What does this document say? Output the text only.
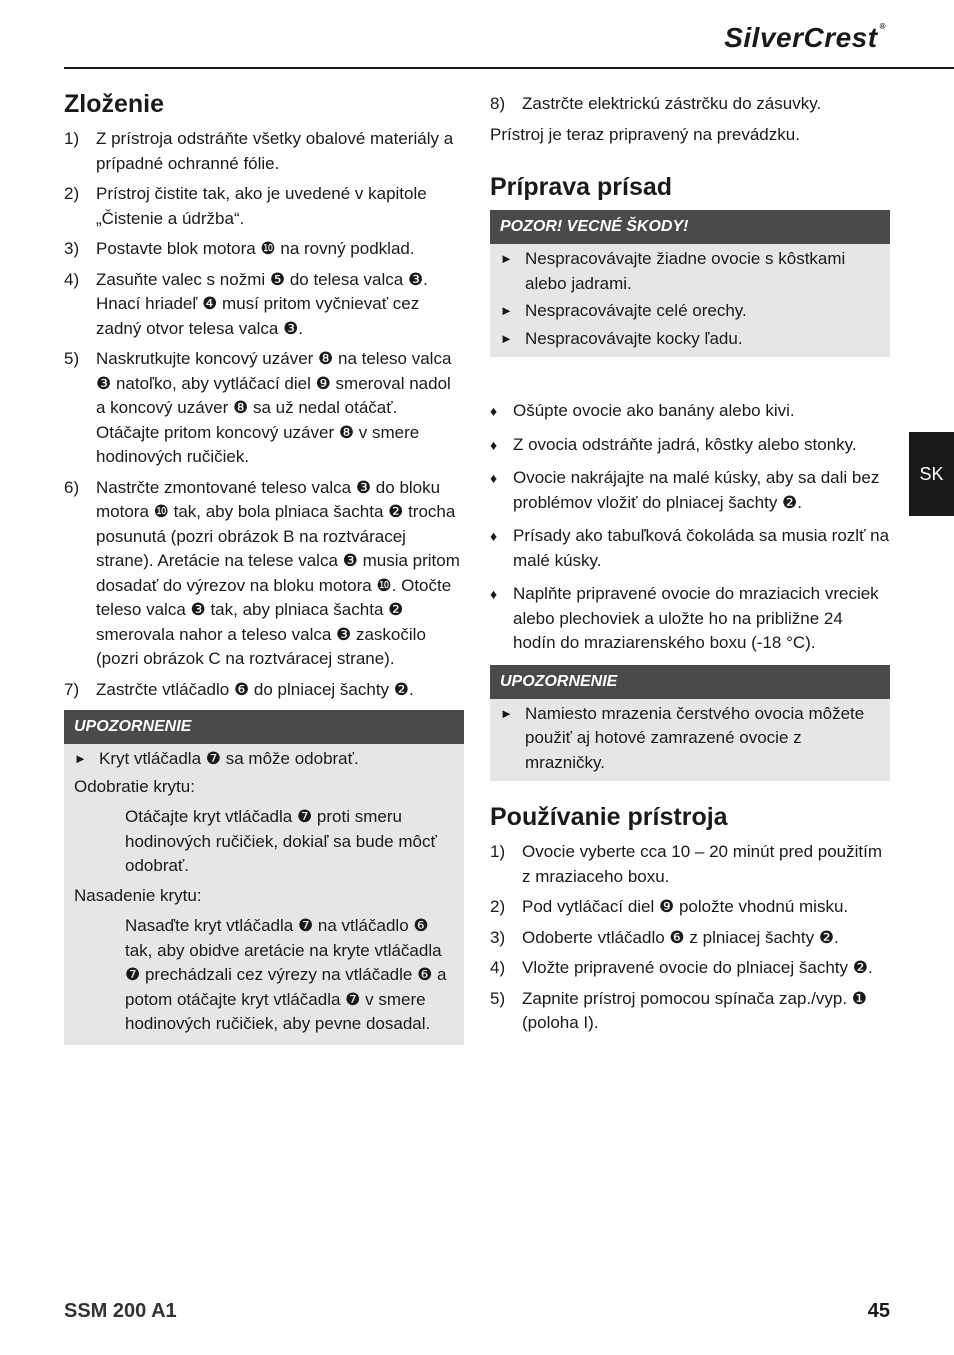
SilverCrest ®
Zloženie
1) Z prístroja odstráňte všetky obalové materiály a prípadné ochranné fólie.
2) Prístroj čistite tak, ako je uvedené v kapitole „Čistenie a údržba“.
3) Postavte blok motora ❿ na rovný podklad.
4) Zasuňte valec s nožmi ❺ do telesa valca ❸. Hnací hriadeľ ❹ musí pritom vyčnievať cez zadný otvor telesa valca ❸.
5) Naskrutkujte koncový uzáver ❽ na teleso valca ❸ natoľko, aby vytláčací diel ❾ smeroval nadol a koncový uzáver ❽ sa už nedal otáčať. Otáčajte pritom koncový uzáver ❽ v smere hodinových ručičiek.
6) Nastrčte zmontované teleso valca ❸ do bloku motora ❿ tak, aby bola plniaca šachta ❷ trocha posunutá (pozri obrázok B na roztváracej strane). Aretácie na telese valca ❸ musia pritom dosadať do výrezov na bloku motora ❿. Otočte teleso valca ❸ tak, aby plniaca šachta ❷ smerovala nahor a teleso valca ❸ zaskočilo (pozri obrázok C na roztváracej strane).
7) Zastrčte vtláčadlo ❻ do plniacej šachty ❷.
UPOZORNENIE
► Kryt vtláčadla ❼ sa môže odobrať.
Odobratie krytu:
Otáčajte kryt vtláčadla ❼ proti smeru hodinových ručičiek, dokiaľ sa bude môcť odobrať.
Nasadenie krytu:
Nasaďte kryt vtláčadla ❼ na vtláčadlo ❻ tak, aby obidve aretácie na kryte vtláčadla ❼ prechádzali cez výrezy na vtláčadle ❻ a potom otáčajte kryt vtláčadla ❼ v smere hodinových ručičiek, aby pevne dosadal.
8) Zastrčte elektrickú zástrčku do zásuvky.
Prístroj je teraz pripravený na prevádzku.
Príprava prísad
POZOR! VECNÉ ŠKODY!
► Nespracovávajte žiadne ovocie s kôstkami alebo jadrami.
► Nespracovávajte celé orechy.
► Nespracovávajte kocky ľadu.
♦ Ošúpte ovocie ako banány alebo kivi.
♦ Z ovocia odstráňte jadrá, kôstky alebo stonky.
♦ Ovocie nakrájajte na malé kúsky, aby sa dali bez problémov vložiť do plniacej šachty ❷.
♦ Prísady ako tabuľková čokoláda sa musia rozlť na malé kúsky.
♦ Naplňte pripravené ovocie do mraziacich vreciek alebo plechoviek a uložte ho na približne 24 hodín do mraziarenského boxu (-18 °C).
UPOZORNENIE
► Namiesto mrazenia čerstvého ovocia môžete použiť aj hotové zamrazené ovocie z mrazničky.
Používanie prístroja
1) Ovocie vyberte cca 10 – 20 minút pred použitím z mraziaceho boxu.
2) Pod vytláčací diel ❾ položte vhodnú misku.
3) Odoberte vtláčadlo ❻ z plniacej šachty ❷.
4) Vložte pripravené ovocie do plniacej šachty ❷.
5) Zapnite prístroj pomocou spínača zap./vyp. ❶ (poloha I).
SK
SSM 200 A1	45
